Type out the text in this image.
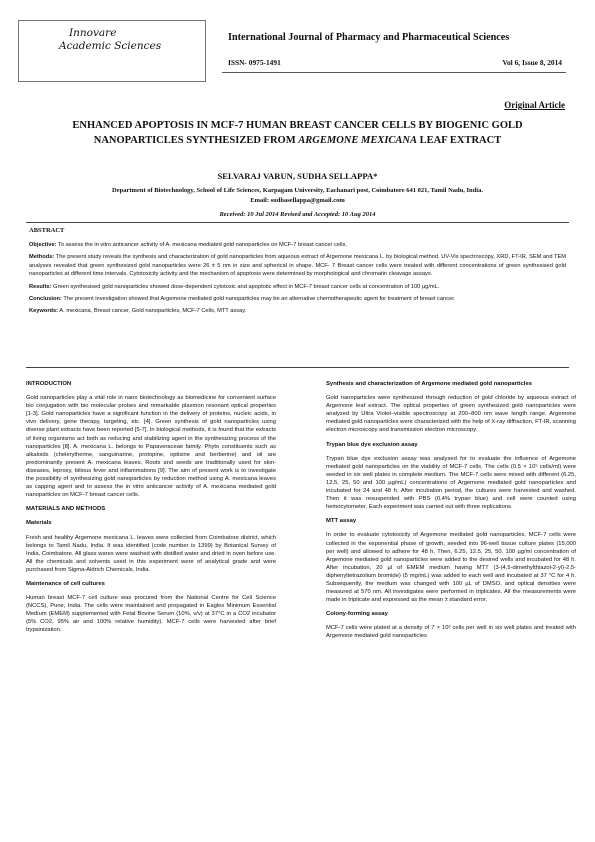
Innovare
Academic Sciences
International Journal of Pharmacy and Pharmaceutical Sciences
ISSN- 0975-1491	Vol 6, Issue 8, 2014
Original Article
ENHANCED APOPTOSIS IN MCF-7 HUMAN BREAST CANCER CELLS BY BIOGENIC GOLD NANOPARTICLES SYNTHESIZED FROM ARGEMONE MEXICANA LEAF EXTRACT
SELVARAJ VARUN, SUDHA SELLAPPA*
Department of Biotechnology, School of Life Sciences, Karpagam University, Eachanari post, Coimbatore 641 021, Tamil Nadu, India.
Email: sudhasellappa@gmail.com
Received: 10 Jul 2014 Revised and Accepted: 10 Aug 2014
ABSTRACT

Objective: To assess the in vitro anticancer activity of A. mexicana mediated gold nanoparticles on MCF-7 breast cancer cells.

Methods: The present study reveals the synthesis and characterization of gold nanoparticles from aqueous extract of Argemone mexicana L. by biological method. UV-Vis spectroscopy, XRD, FT-IR, SEM and TEM analyses revealed that green synthesized gold nanoparticles were 26 ± 5 nm in size and spherical in shape. MCF- 7 Breast cancer cells were treated with different concentrations of green synthesised gold nanoparticles at different time intervals. Cytotoxicity activity and the mechanism of apoptosis were determined by morphological and chromatin cleavage assays.

Results: Green synthesised gold nanoparticles showed dose-dependent cytotoxic and apoptotic effect in MCF-7 breast cancer cells at concentration of 100 µg/mL.

Conclusion: The present investigation showed that Argemone mediated gold nanoparticles may be an alternative chemotherapeutic agent for treatment of breast cancer.

Keywords: A. mexicana, Breast cancer, Gold nanoparticles, MCF-7 Cells, MTT assay.

INTRODUCTION

Gold nanoparticles play a vital role in nano biotechnology as biomedicine for convenient surface bio conjugation with bio molecular probes and remarkable plasmon resonant optical properties [1-3]. Gold nanoparticles have a significant function in the delivery of proteins, nucleic acids, in vivo delivery, gene therapy, targeting, etc. [4]. Green synthesis of gold nanoparticles using diverse plant extracts have been reported [5-7]. In biological methods, it is found that the extracts of living organisms act both as reducing and stabilizing agent in the synthesizing process of the nanoparticles [8]. A. mexicana L. belongs to Papaveraceae family. Phyto constituents such as alkaloids (chelerytherine, sanguinarine, protopine, optisine and berberine) and oil are predominantly present A. mexicana leaves. Roots and seeds are traditionally used for skin-diseases, leprosy, bilious fever and inflammations [9]. The aim of present work is to investigate the possibility of synthesizing gold nanoparticles by reduction method using A. mexicana leaves as capping agent and to assess the in vitro anticancer activity of A. mexicana mediated gold nanoparticles on MCF-7 breast cancer cells.

MATERIALS AND METHODS
Materials

Fresh and healthy Argemone mexicana L. leaves were collected from Coimbatore district, which belongs to Tamil Nadu, India. It was identified (code number is 1399) by Botanical Survey of India, Coimbatore. All glass wares were washed with distilled water and dried in oven before use. All the chemicals and solvents used in this experiment were of analytical grade and were purchased from Sigma-Aldrich Chemicals, India.

Maintenance of cell cultures

Human breast MCF-7 cell culture was procured from the National Centre for Cell Science (NCCS), Pune, India. The cells were maintained and propagated in Eagles Minimum Essential Medium (EMEM) supplemented with Fetal Bovine Serum (10%, v/v) at 37°C in a CO2 incubator (5% CO2, 95% air and 100% relative humidity). MCF-7 cells were harvested after brief trypsinization.

Synthesis and characterization of Argemone mediated gold nanoparticles

Gold nanoparticles were synthesized through reduction of gold chloride by aqueous extract of Argemone leaf extract. The optical properties of green synthesized gold nanoparticles were analyzed by Ultra Violet–visible spectroscopy at 200–800 nm wave length range. Argemone mediated gold nanoparticles were characterized with the help of X-ray diffraction, FT-IR, scanning electron microscopy and transmission electron microscopy.

Trypan blue dye exclusion assay

Trypan blue dye exclusion assay was analysed for to evaluate the influence of Argemone mediated gold nanoparticles on the viability of MCF-7 cells. The cells (0.5 × 10⁵ cells/ml) were seeded in six well plates in complete medium. The MCF-7 cells were mixed with different (6.25, 12.5, 25, 50 and 100 µg/mL) concentrations of Argemone mediated gold nanoparticles and incubated for 24 and 48 h. After incubation period, the cultures were harvested and washed. Then it was resuspended with PBS (0.4% trypan blue) and cell were counted using hemocytometer. Each experiment was carried out with three replications.

MTT assay

In order to evaluate cytotoxicity of Argemone mediated gold nanoparticles, MCF-7 cells were collected in the exponential phase of growth, seeded into 96-well tissue culture plates (15,000 per well) and allowed to adhere for 48 h. Then, 6.25, 12.5, 25, 50, 100 µg/ml concentration of Argemone mediated gold nanoparticles were added to the desired wells and incubated for 48 h. After incubation, 20 µl of EMEM medium having MTT (3-(4,5-dimethylthiazol-2-yl)-2,5-diphenyltetrazolium bromide) (5 mg/mL) was added to each well and incubated at 37 °C for 4 h. Subsequently, the medium was changed with 100 µL of DMSO, and optical densities were measured at 570 nm. All investigates were performed in triplicates. All the measurements were made in triplicate and expressed as the mean ± standard error.

Colony-forming assay

MCF-7 cells were plated at a density of 7 × 10³ cells per well in six well plates and treated with Argemone mediated gold nanoparticles
